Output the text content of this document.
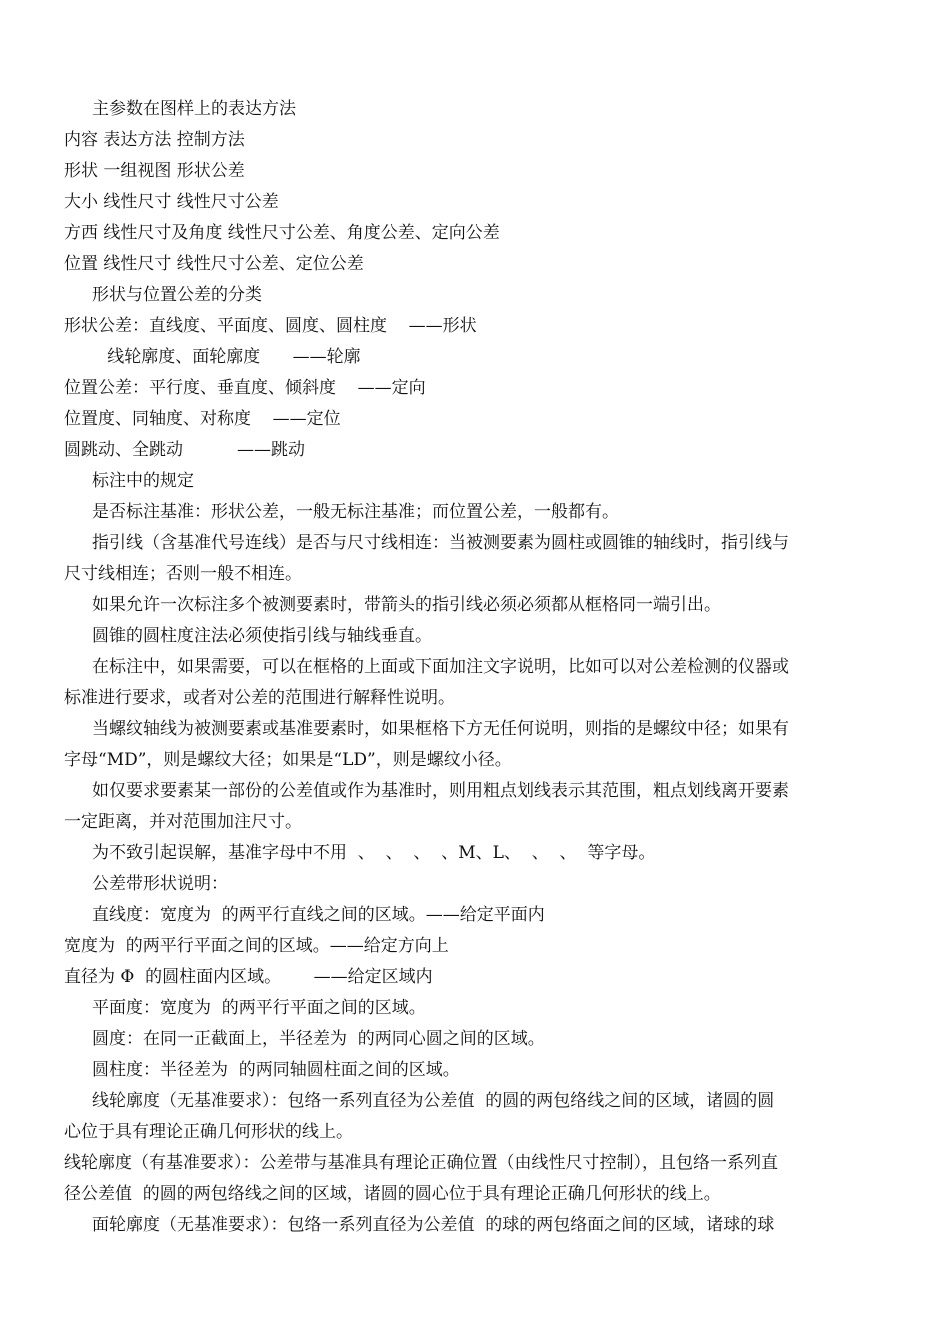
主参数在图样上的表达方法
内容 表达方法 控制方法
形状 一组视图 形状公差
大小 线性尺寸 线性尺寸公差
方西 线性尺寸及角度 线性尺寸公差、角度公差、定向公差
位置 线性尺寸 线性尺寸公差、定位公差
形状与位置公差的分类
形状公差：直线度、平面度、圆度、圆柱度    ——形状
线轮廓度、面轮廓度      ——轮廓
位置公差：平行度、垂直度、倾斜度    ——定向
位置度、同轴度、对称度    ——定位
圆跳动、全跳动          ——跳动
标注中的规定
是否标注基准：形状公差，一般无标注基准；而位置公差，一般都有。
指引线（含基准代号连线）是否与尺寸线相连：当被测要素为圆柱或圆锥的轴线时，指引线与
尺寸线相连；否则一般不相连。
如果允许一次标注多个被测要素时，带箭头的指引线必须必须都从框格同一端引出。
圆锥的圆柱度注法必须使指引线与轴线垂直。
在标注中，如果需要，可以在框格的上面或下面加注文字说明，比如可以对公差检测的仪器或
标准进行要求，或者对公差的范围进行解释性说明。
当螺纹轴线为被测要素或基准要素时，如果框格下方无任何说明，则指的是螺纹中径；如果有
字母“MD”，则是螺纹大径；如果是“LD”，则是螺纹小径。
如仅要求要素某一部份的公差值或作为基准时，则用粗点划线表示其范围，粗点划线离开要素
一定距离，并对范围加注尺寸。
为不致引起误解，基准字母中不用  、  、  、  、M、L、  、  、  等字母。
公差带形状说明：
直线度：宽度为  的两平行直线之间的区域。——给定平面内
宽度为  的两平行平面之间的区域。——给定方向上
直径为 Φ  的圆柱面内区域。      ——给定区域内
平面度：宽度为  的两平行平面之间的区域。
圆度：在同一正截面上，半径差为  的两同心圆之间的区域。
圆柱度：半径差为  的两同轴圆柱面之间的区域。
线轮廓度（无基准要求）：包络一系列直径为公差值  的圆的两包络线之间的区域，诸圆的圆
心位于具有理论正确几何形状的线上。
线轮廓度（有基准要求）：公差带与基准具有理论正确位置（由线性尺寸控制），且包络一系列直
径公差值  的圆的两包络线之间的区域，诸圆的圆心位于具有理论正确几何形状的线上。
面轮廓度（无基准要求）：包络一系列直径为公差值  的球的两包络面之间的区域，诸球的球
